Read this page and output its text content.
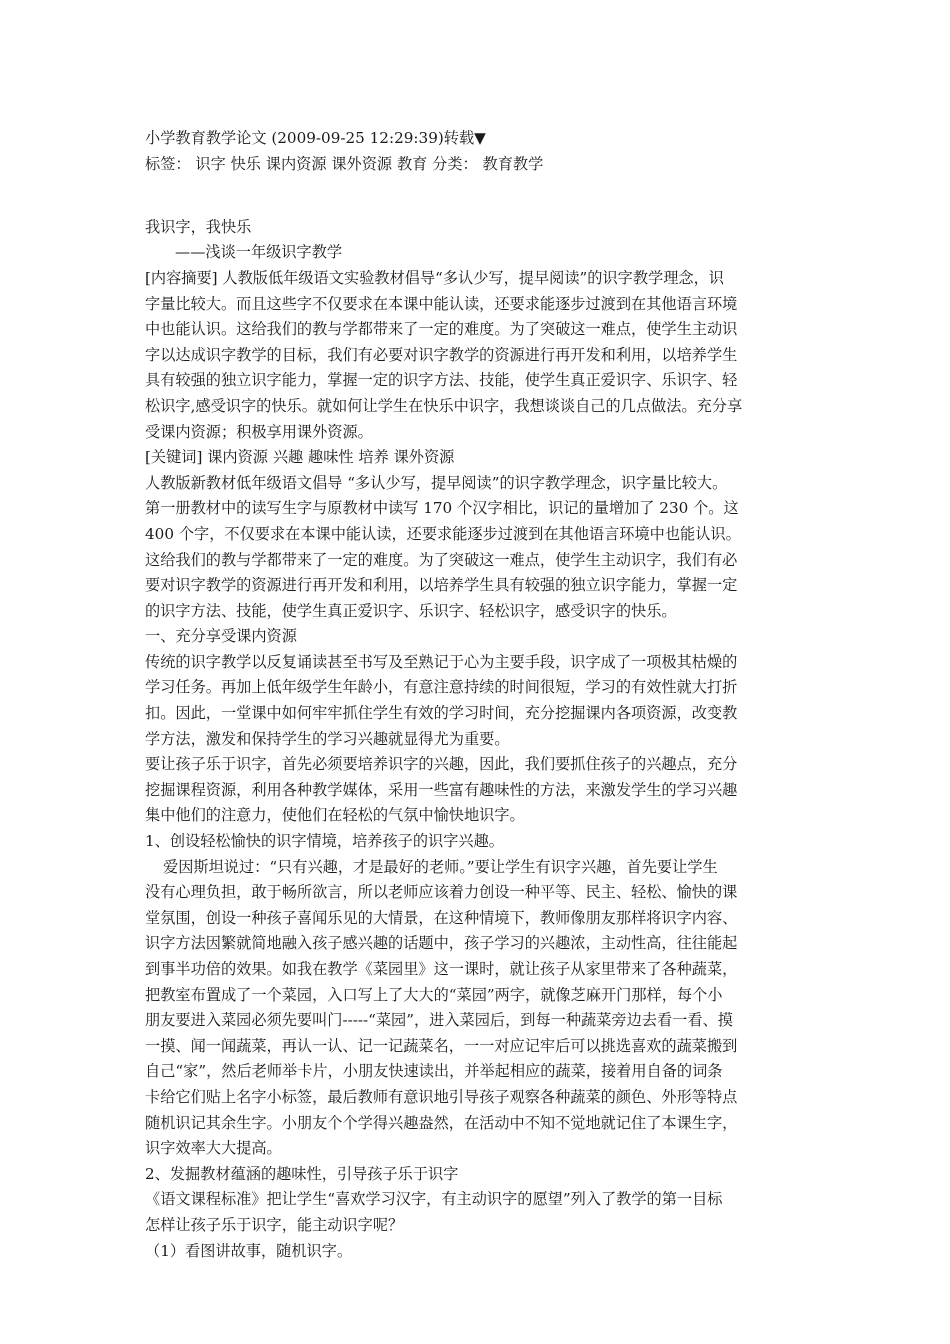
小学教育教学论文 (2009-09-25 12:29:39)转载▼
标签： 识字 快乐 课内资源 课外资源 教育 分类： 教育教学
我识字，我快乐
——浅谈一年级识字教学
[内容摘要] 人教版低年级语文实验教材倡导“多认少写，提早阅读”的识字教学理念，识
字量比较大。而且这些字不仅要求在本课中能认读，还要求能逐步过渡到在其他语言环境
中也能认识。这给我们的教与学都带来了一定的难度。为了突破这一难点，使学生主动识
字以达成识字教学的目标，我们有必要对识字教学的资源进行再开发和利用，以培养学生
具有较强的独立识字能力，掌握一定的识字方法、技能，使学生真正爱识字、乐识字、轻
松识字,感受识字的快乐。就如何让学生在快乐中识字，我想谈谈自己的几点做法。充分享
受课内资源；积极享用课外资源。
[关键词] 课内资源 兴趣 趣味性 培养 课外资源
人教版新教材低年级语文倡导 “多认少写，提早阅读”的识字教学理念，识字量比较大。
第一册教材中的读写生字与原教材中读写 170 个汉字相比，识记的量增加了 230 个。这
400 个字，不仅要求在本课中能认读，还要求能逐步过渡到在其他语言环境中也能认识。
这给我们的教与学都带来了一定的难度。为了突破这一难点，使学生主动识字，我们有必
要对识字教学的资源进行再开发和利用，以培养学生具有较强的独立识字能力，掌握一定
的识字方法、技能，使学生真正爱识字、乐识字、轻松识字，感受识字的快乐。
一、充分享受课内资源
传统的识字教学以反复诵读甚至书写及至熟记于心为主要手段，识字成了一项极其枯燥的
学习任务。再加上低年级学生年龄小，有意注意持续的时间很短，学习的有效性就大打折
扣。因此，一堂课中如何牢牢抓住学生有效的学习时间，充分挖掘课内各项资源，改变教
学方法，激发和保持学生的学习兴趣就显得尤为重要。
要让孩子乐于识字，首先必须要培养识字的兴趣，因此，我们要抓住孩子的兴趣点，充分
挖掘课程资源，利用各种教学媒体，采用一些富有趣味性的方法，来激发学生的学习兴趣
集中他们的注意力，使他们在轻松的气氛中愉快地识字。
1、创设轻松愉快的识字情境，培养孩子的识字兴趣。
爱因斯坦说过：“只有兴趣，才是最好的老师。”要让学生有识字兴趣，首先要让学生
没有心理负担，敢于畅所欲言，所以老师应该着力创设一种平等、民主、轻松、愉快的课
堂氛围，创设一种孩子喜闻乐见的大情景，在这种情境下，教师像朋友那样将识字内容、
识字方法因繁就简地融入孩子感兴趣的话题中，孩子学习的兴趣浓，主动性高，往往能起
到事半功倍的效果。如我在教学《菜园里》这一课时，就让孩子从家里带来了各种蔬菜，
把教室布置成了一个菜园，入口写上了大大的“菜园”两字，就像芝麻开门那样，每个小
朋友要进入菜园必须先要叫门-----“菜园”，进入菜园后，到每一种蔬菜旁边去看一看、摸
一摸、闻一闻蔬菜，再认一认、记一记蔬菜名，一一对应记牢后可以挑选喜欢的蔬菜搬到
自己“家”，然后老师举卡片，小朋友快速读出，并举起相应的蔬菜，接着用自备的词条
卡给它们贴上名字小标签，最后教师有意识地引导孩子观察各种蔬菜的颜色、外形等特点
随机识记其余生字。小朋友个个学得兴趣盎然，在活动中不知不觉地就记住了本课生字，
识字效率大大提高。
2、发掘教材蕴涵的趣味性，引导孩子乐于识字
《语文课程标准》把让学生“喜欢学习汉字，有主动识字的愿望”列入了教学的第一目标
怎样让孩子乐于识字，能主动识字呢？
（1）看图讲故事，随机识字。
